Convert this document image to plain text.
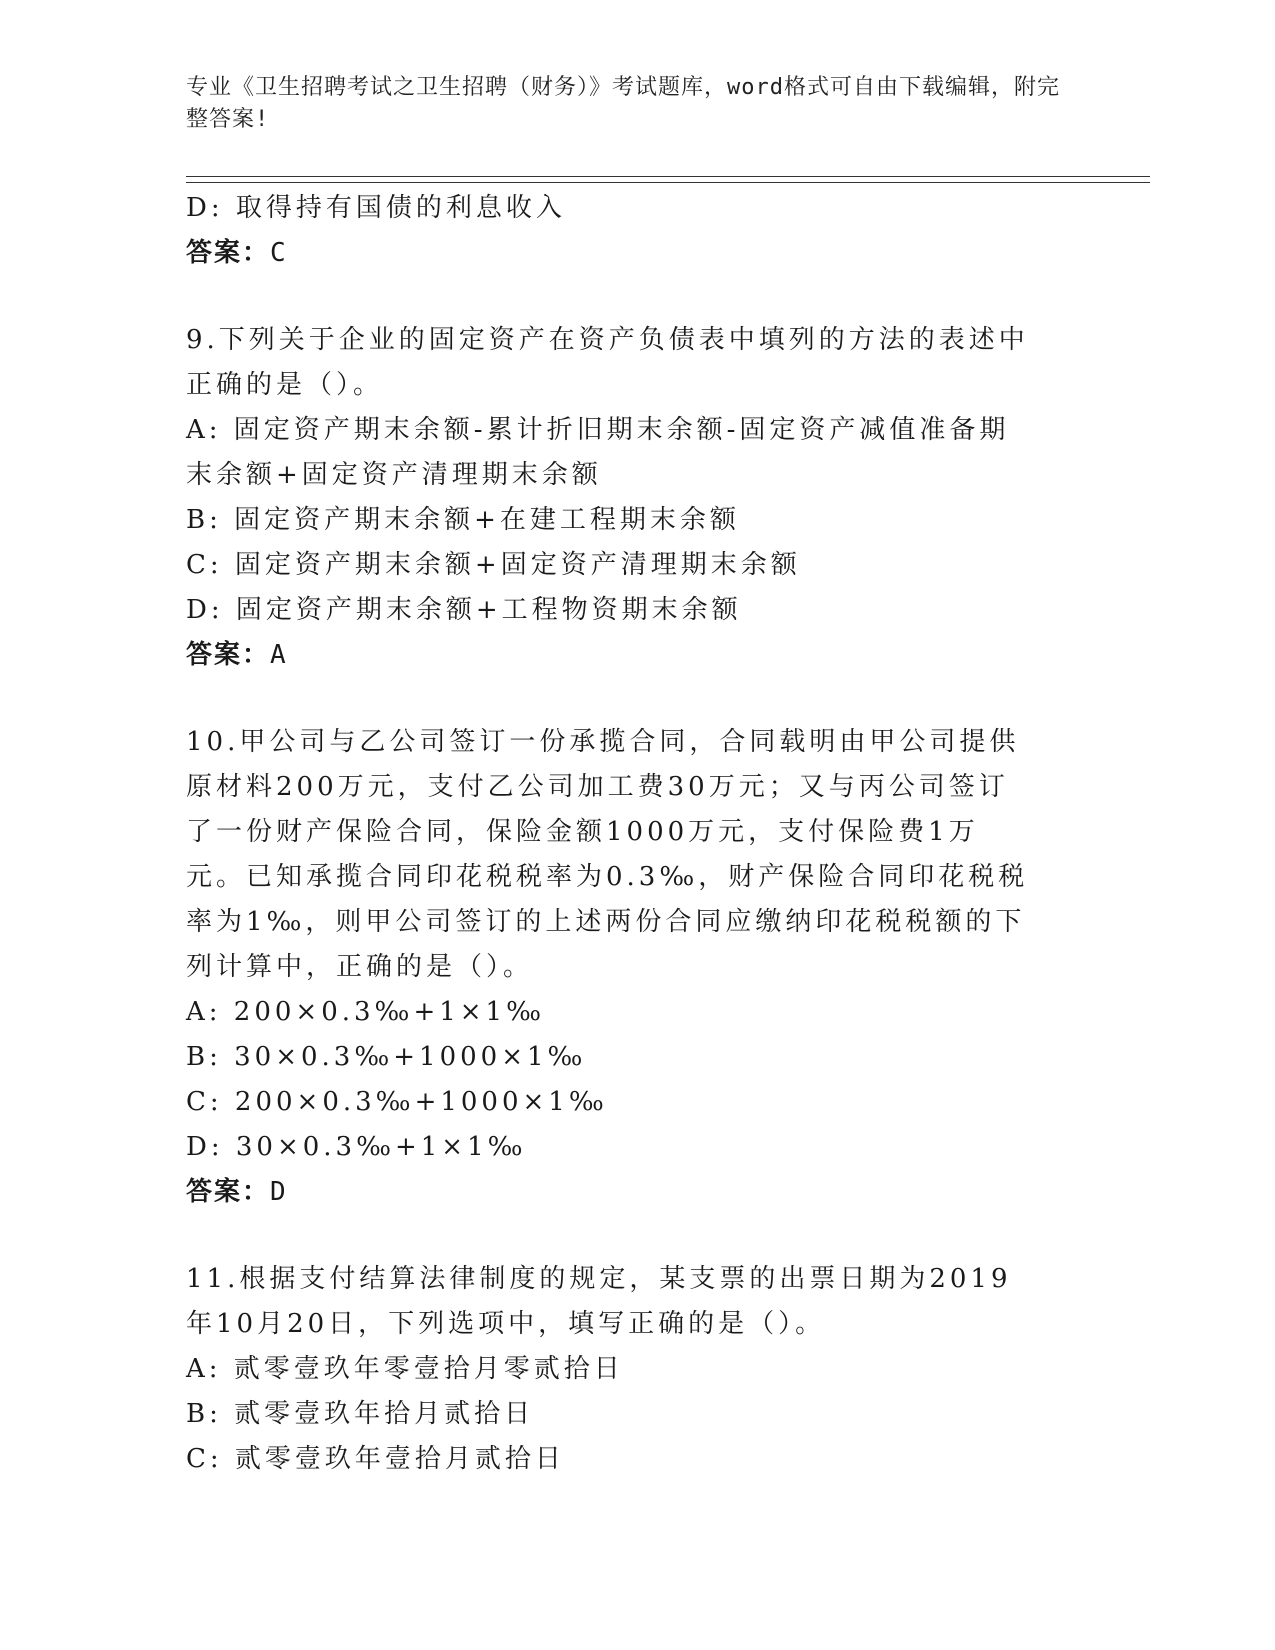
专业《卫生招聘考试之卫生招聘（财务）》考试题库，word格式可自由下载编辑，附完整答案!
D: 取得持有国债的利息收入
答案：C
9.下列关于企业的固定资产在资产负债表中填列的方法的表述中正确的是（）。
A: 固定资产期末余额-累计折旧期末余额-固定资产减值准备期末余额+固定资产清理期末余额
B: 固定资产期末余额+在建工程期末余额
C: 固定资产期末余额+固定资产清理期末余额
D: 固定资产期末余额+工程物资期末余额
答案：A
10.甲公司与乙公司签订一份承揽合同，合同载明由甲公司提供原材料200万元，支付乙公司加工费30万元；又与丙公司签订了一份财产保险合同，保险金额1000万元，支付保险费1万元。已知承揽合同印花税税率为0.3‰，财产保险合同印花税税率为1‰，则甲公司签订的上述两份合同应缴纳印花税税额的下列计算中，正确的是（）。
A: 200×0.3‰+1×1‰
B: 30×0.3‰+1000×1‰
C: 200×0.3‰+1000×1‰
D: 30×0.3‰+1×1‰
答案：D
11.根据支付结算法律制度的规定，某支票的出票日期为2019年10月20日，下列选项中，填写正确的是（）。
A: 贰零壹玖年零壹拾月零贰拾日
B: 贰零壹玖年拾月贰拾日
C: 贰零壹玖年壹拾月贰拾日
